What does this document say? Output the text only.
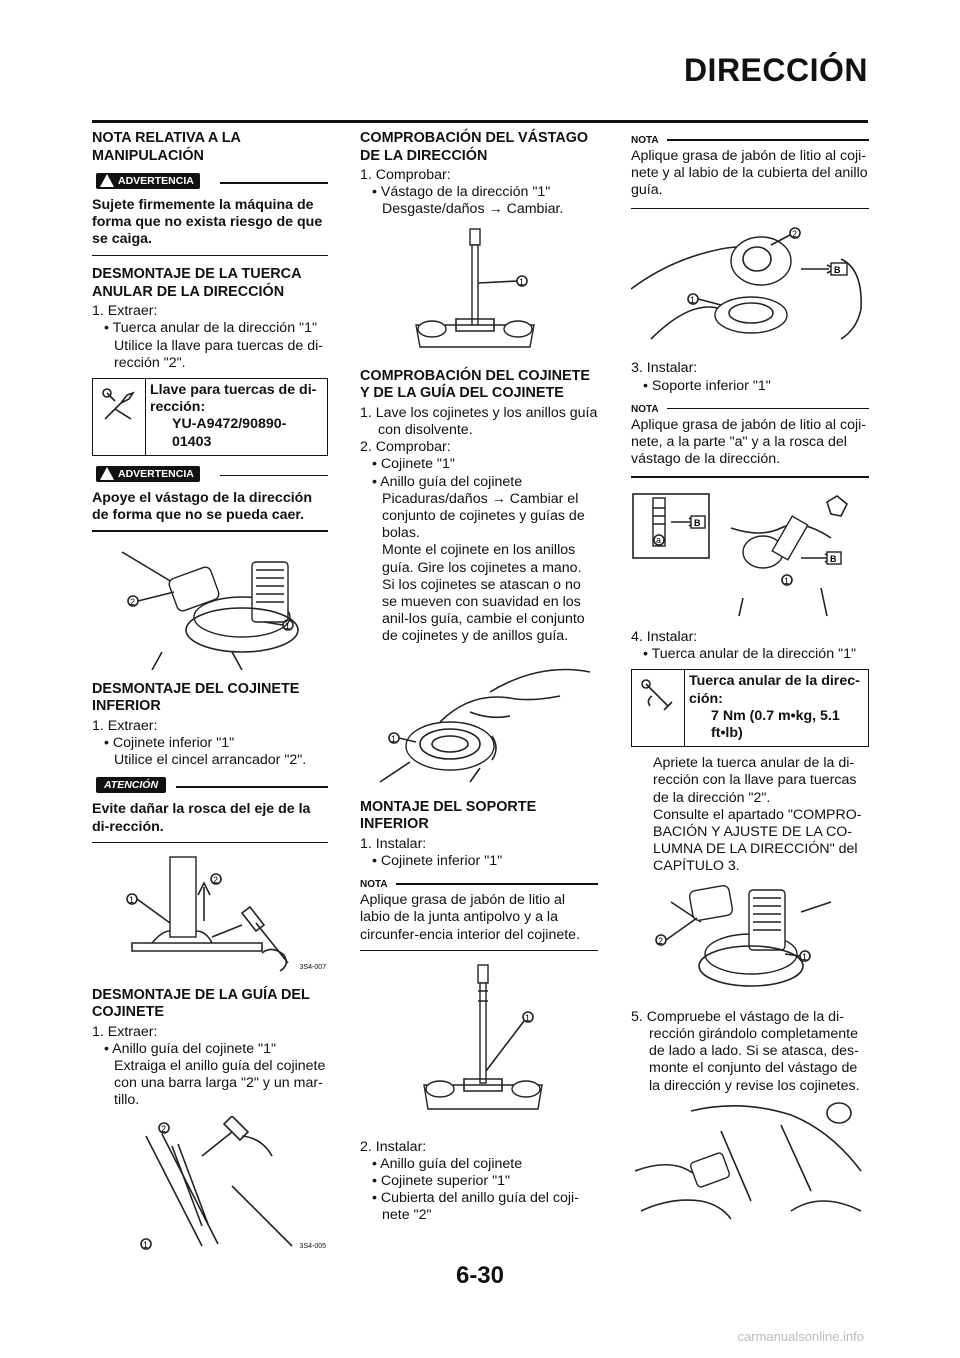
DIRECCIÓN
NOTA RELATIVA A LA MANIPULACIÓN
ADVERTENCIA
Sujete firmemente la máquina de forma que no exista riesgo de que se caiga.
DESMONTAJE DE LA TUERCA ANULAR DE LA DIRECCIÓN
1. Extraer:
• Tuerca anular de la dirección "1"
Utilice la llave para tuercas de di-rección "2".
Llave para tuercas de di-rección:
YU-A9472/90890-01403
ADVERTENCIA
Apoye el vástago de la dirección de forma que no se pueda caer.
1
2
DESMONTAJE DEL COJINETE INFERIOR
1. Extraer:
• Cojinete inferior "1"
Utilice el cincel arrancador "2".
ATENCIÓN
Evite dañar la rosca del eje de la di-rección.
1
2
3S4-007
DESMONTAJE DE LA GUÍA DEL COJINETE
1. Extraer:
• Anillo guía del cojinete "1"
Extraiga el anillo guía del cojinete con una barra larga "2" y un mar-tillo.
2
1	3S4-005
COMPROBACIÓN DEL VÁSTAGO DE LA DIRECCIÓN
1. Comprobar:
• Vástago de la dirección "1"
Desgaste/daños → Cambiar.
1
COMPROBACIÓN DEL COJINETE Y DE LA GUÍA DEL COJINETE
1. Lave los cojinetes y los anillos guía con disolvente.
2. Comprobar:
• Cojinete "1"
• Anillo guía del cojinete
Picaduras/daños → Cambiar el conjunto de cojinetes y guías de bolas.
Monte el cojinete en los anillos guía. Gire los cojinetes a mano. Si los cojinetes se atascan o no se mueven con suavidad en los anil-los guía, cambie el conjunto de cojinetes y de anillos guía.
1
MONTAJE DEL SOPORTE INFERIOR
1. Instalar:
• Cojinete inferior "1"
NOTA
Aplique grasa de jabón de litio al labio de la junta antipolvo y a la circunfer-encia interior del cojinete.
1
2. Instalar:
• Anillo guía del cojinete
• Cojinete superior "1"
• Cubierta del anillo guía del coji-nete "2"
NOTA
Aplique grasa de jabón de litio al coji-nete y al labio de la cubierta del anillo guía.
B
2
1
3. Instalar:
• Soporte inferior "1"
NOTA
Aplique grasa de jabón de litio al coji-nete, a la parte "a" y a la rosca del vástago de la dirección.
B
a
B
1
4. Instalar:
• Tuerca anular de la dirección "1"
Tuerca anular de la direc-ción:
7 Nm (0.7 m•kg, 5.1 ft•lb)
Apriete la tuerca anular de la di-rección con la llave para tuercas de la dirección "2".
Consulte el apartado "COMPRO-BACIÓN Y AJUSTE DE LA CO-LUMNA DE LA DIRECCIÓN" del CAPÍTULO 3.
2
1
5. Compruebe el vástago de la di-rección girándolo completamente de lado a lado. Si se atasca, des-monte el conjunto del vástago de la dirección y revise los cojinetes.
6-30
carmanualsonline.info
